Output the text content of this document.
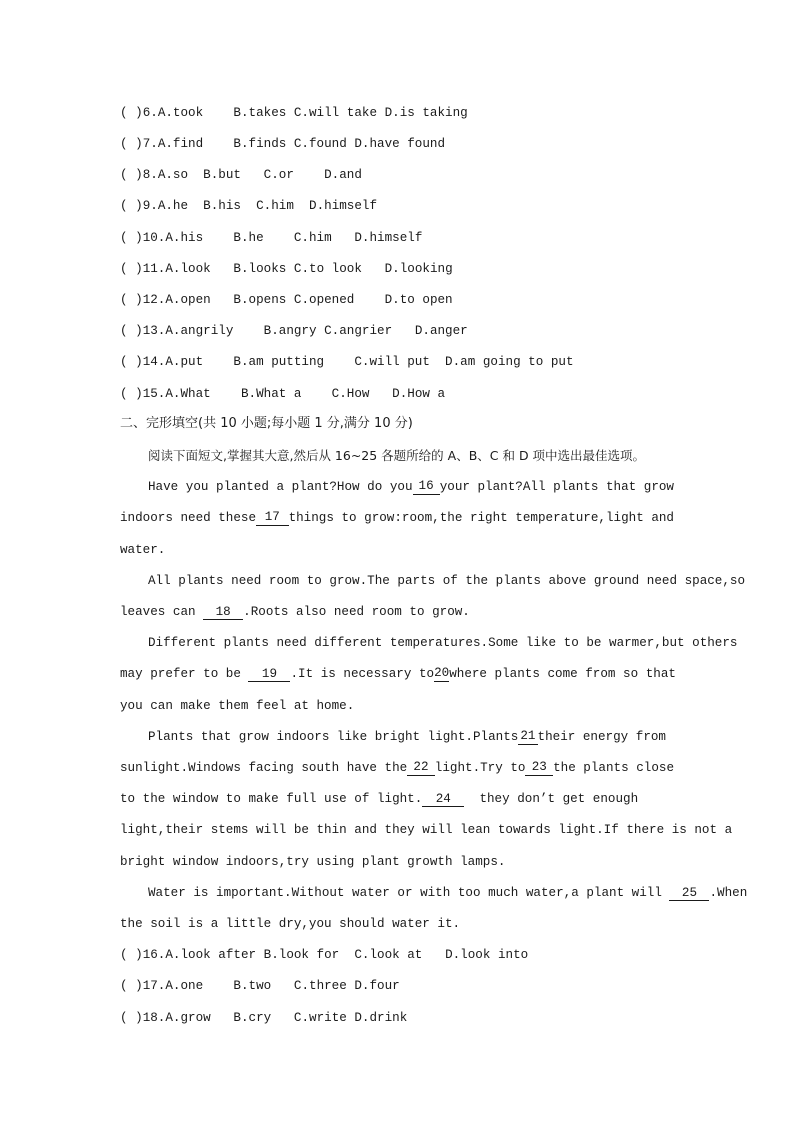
( )6.A.took B.takes C.will take D.is taking
( )7.A.find B.finds C.found D.have found
( )8.A.so B.but C.or D.and
( )9.A.he B.his C.him D.himself
( )10.A.his B.he C.him D.himself
( )11.A.look B.looks C.to look D.looking
( )12.A.open B.opens C.opened D.to open
( )13.A.angrily B.angry C.angrier D.anger
( )14.A.put B.am putting C.will put D.am going to put
( )15.A.What B.What a C.How D.How a
二、完形填空(共 10 小题;每小题 1 分,满分 10 分)
阅读下面短文,掌握其大意,然后从 16~25 各题所给的 A、B、C 和 D 项中选出最佳选项。
Have you planted a plant?How do you 16 your plant?All plants that grow
indoors need these 17 things to grow:room,the right temperature,light and
water.
All plants need room to grow.The parts of the plants above ground need space,so
leaves can 18 .Roots also need room to grow.
Different plants need different temperatures.Some like to be warmer,but others
may prefer to be 19 .It is necessary to 20 where plants come from so that
you can make them feel at home.
Plants that grow indoors like bright light.Plants 21 their energy from
sunlight.Windows facing south have the 22 light.Try to 23 the plants close
to the window to make full use of light. 24 they don’t get enough
light,their stems will be thin and they will lean towards light.If there is not a
bright window indoors,try using plant growth lamps.
Water is important.Without water or with too much water,a plant will 25 .When
the soil is a little dry,you should water it.
( )16.A.look after B.look for C.look at D.look into
( )17.A.one B.two C.three D.four
( )18.A.grow B.cry C.write D.drink
